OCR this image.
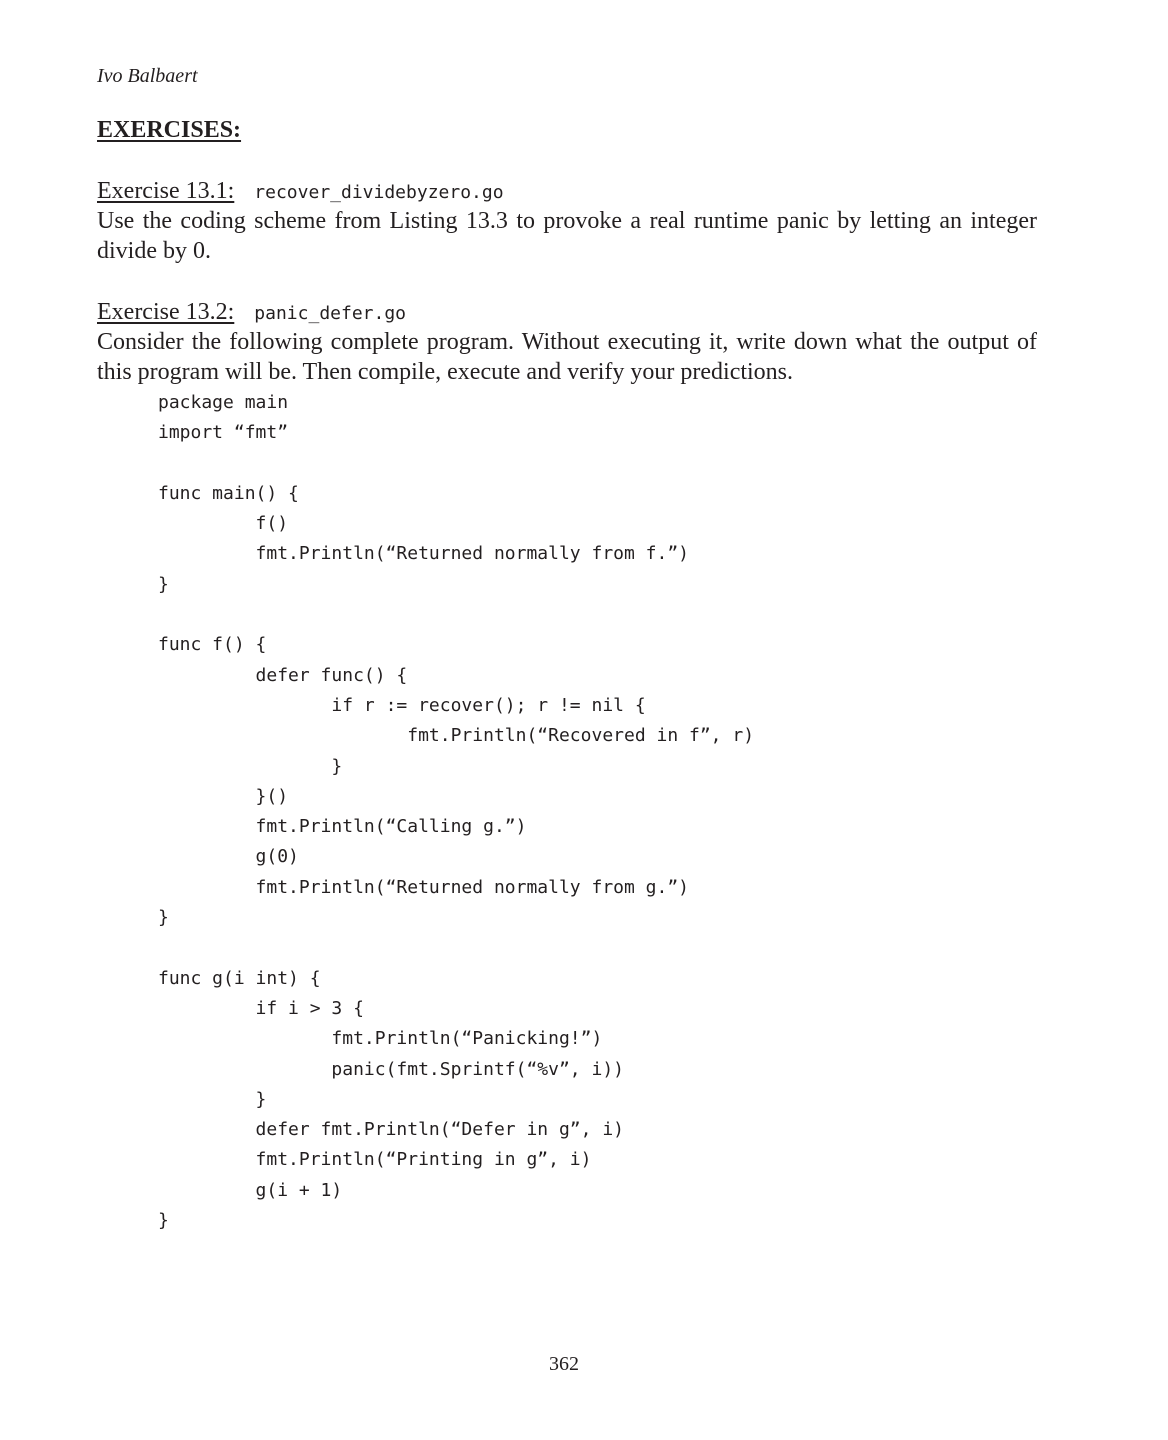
Ivo Balbaert
EXERCISES:
Exercise 13.1: recover_dividebyzero.go

Use the coding scheme from Listing 13.3 to provoke a real runtime panic by letting an integer divide by 0.

Exercise 13.2: panic_defer.go

Consider the following complete program. Without executing it, write down what the output of this program will be. Then compile, execute and verify your predictions.

package main
import “fmt”
func main() {
f()
fmt.Println(“Returned normally from f.”)
}
func f() {
defer func() {
if r := recover(); r != nil {
fmt.Println(“Recovered in f”, r)
}
}()
fmt.Println(“Calling g.”)
g(0)
fmt.Println(“Returned normally from g.”)
}
func g(i int) {
if i > 3 {
fmt.Println(“Panicking!”)
panic(fmt.Sprintf(“%v”, i))
}
defer fmt.Println(“Defer in g”, i)
fmt.Println(“Printing in g”, i)
g(i + 1)
}
362
